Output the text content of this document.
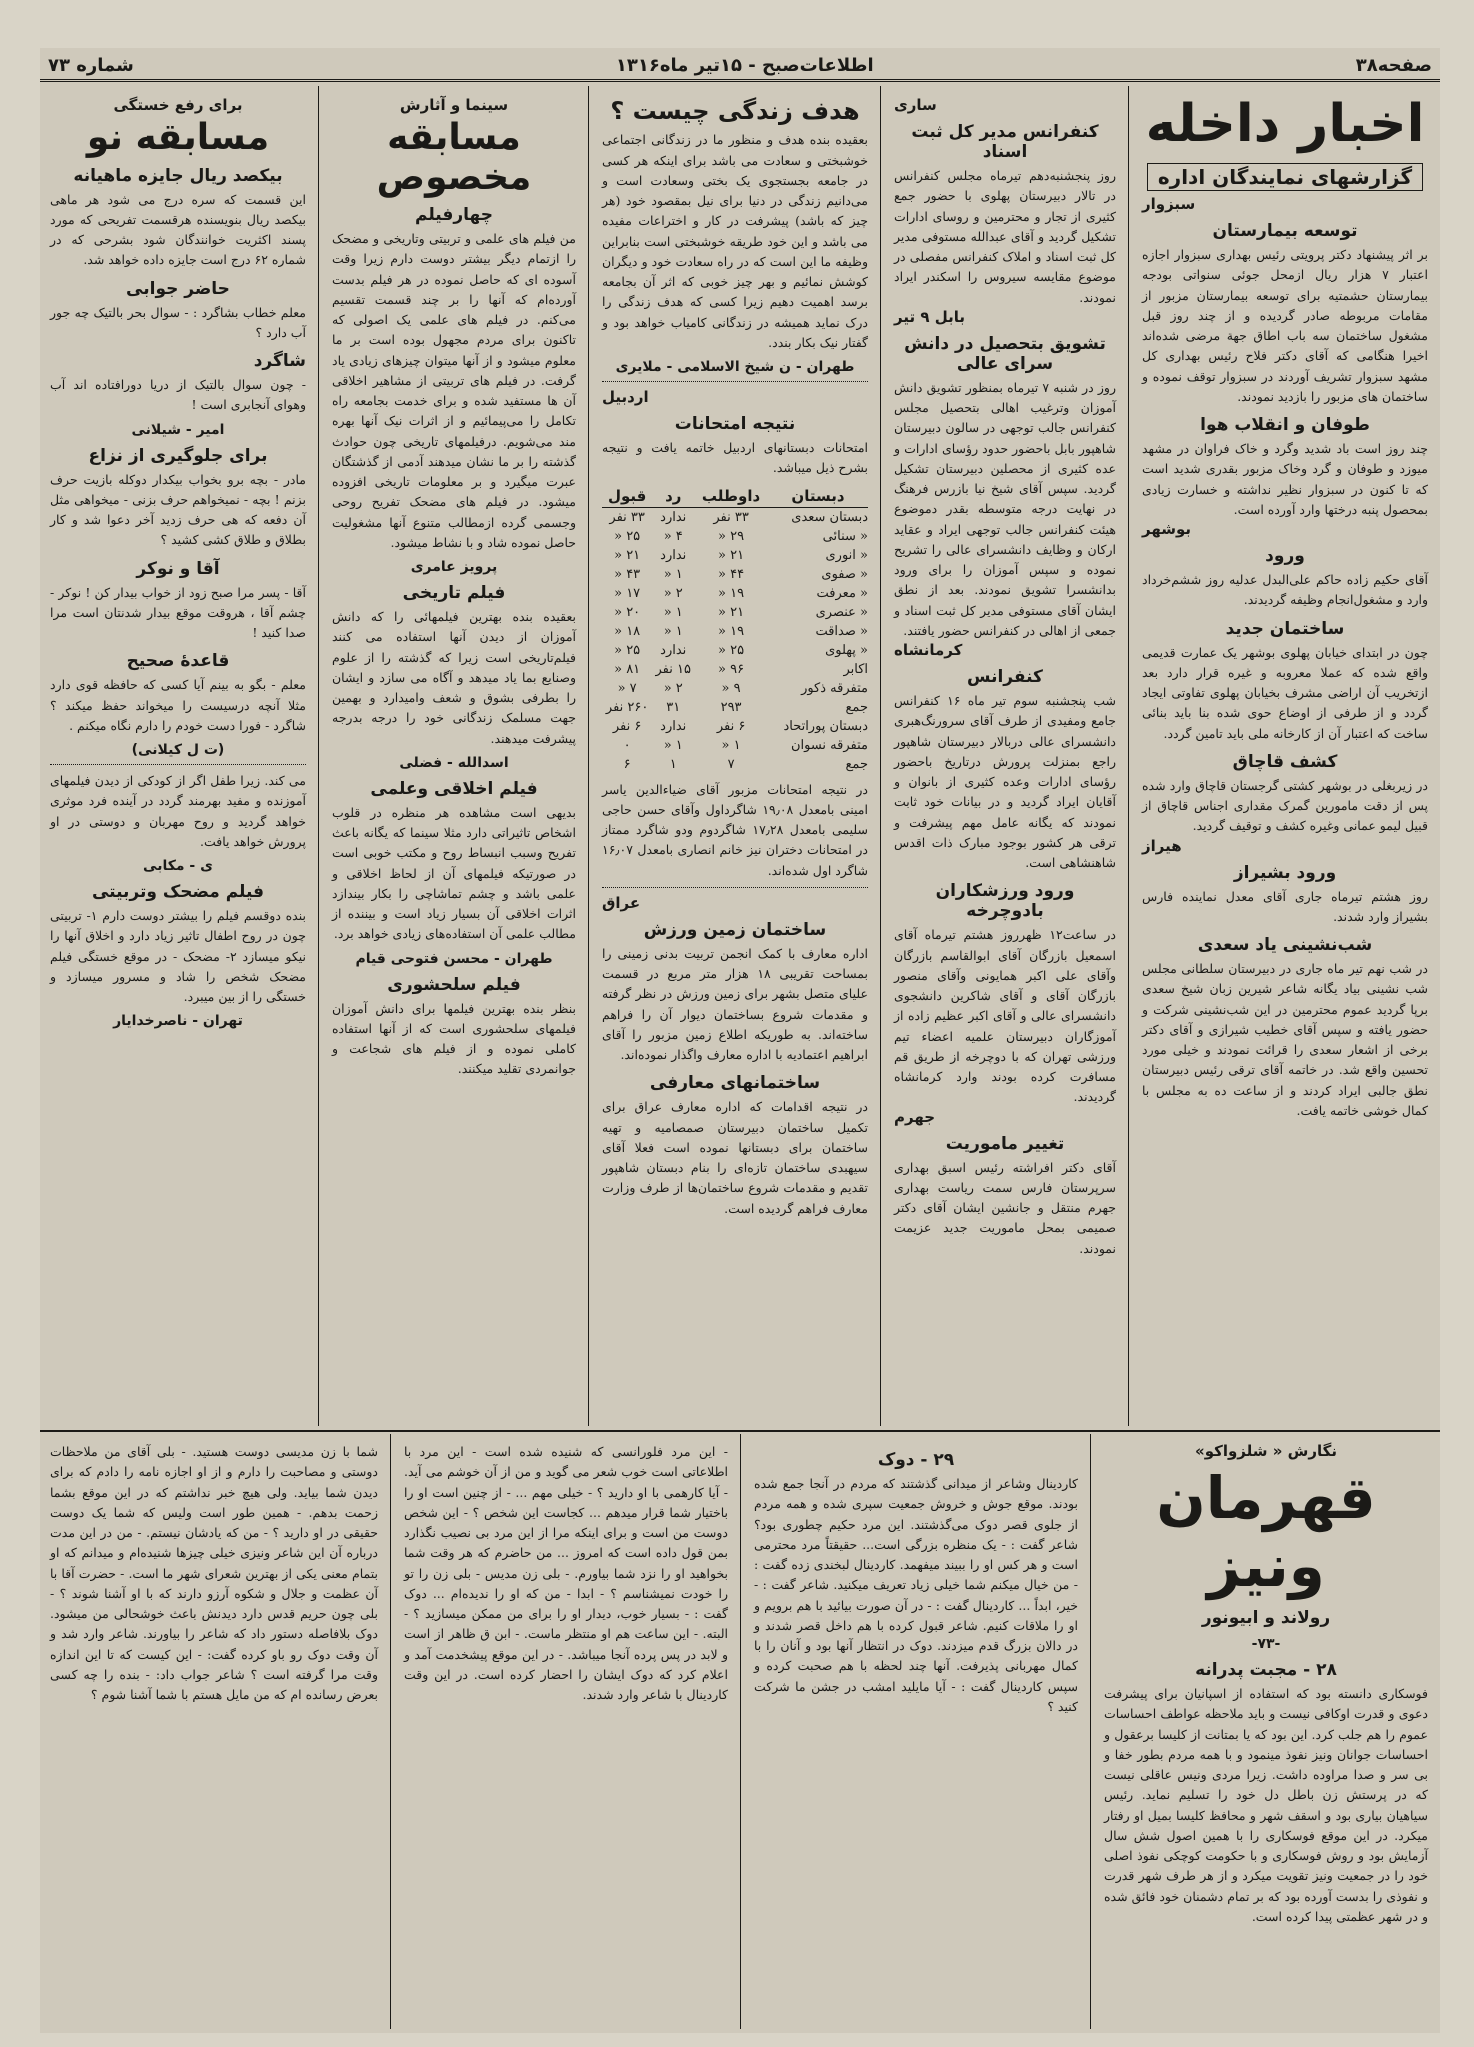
صفحه۳۸
اطلاعات‌صبح - ۱۵تیر ماه۱۳۱۶
شماره ۷۳
اخبار داخله
گزارشهای نمایندگان اداره
سبزوار
توسعه بیمارستان
بر اثر پیشنهاد دکتر پرویتی رئیس بهداری سبزوار اجازه اعتبار ۷ هزار ریال ازمحل جوئی سنواتی بودجه بیمارستان حشمتیه برای توسعه بیمارستان مزبور از مقامات مربوطه صادر گردیده و از چند روز قبل مشغول ساختمان سه باب اطاق جهة مرضی شده‌اند اخیرا هنگامی که آقای دکتر فلاح رئیس بهداری کل مشهد سبزوار تشریف آوردند در سبزوار توقف نموده و ساختمان های مزبور را بازدید نمودند.
طوفان و انقلاب هوا
چند روز است باد شدید وگرد و خاک فراوان در مشهد میوزد و طوفان و گرد وخاک مزبور بقدری شدید است که تا کنون در سبزوار نظیر نداشته و خسارت زیادی بمحصول پنبه درختها وارد آورده است.
بوشهر
ورود
آقای حکیم زاده حاکم علی‌البدل عدلیه روز ششم‌خرداد وارد و مشغول‌انجام وظیفه گردیدند.
ساختمان جدید
چون در ابتدای خیابان پهلوی بوشهر یک عمارت قدیمی واقع شده که عملا معروبه و غیره قرار دارد بعد ازتخریب آن اراضی مشرف بخیابان پهلوی تفاوتی ایجاد گردد و از طرفی از اوضاع حوی شده بنا باید بنائی ساخت که اعتبار آن از کارخانه ملی باید تامین گردد.
کشف قاچاق
در زیربغلی در بوشهر کشتی گرجستان قاچاق وارد شده پس از دقت مامورین گمرک مقداری اجناس قاچاق از قبیل لیمو عمانی وغیره کشف و توقیف گردید.
هیراز
ورود بشیراز
روز هشتم تیرماه جاری آقای معدل نماینده فارس بشیراز وارد شدند.
شب‌نشینی یاد سعدی
در شب نهم تیر ماه جاری در دبیرستان سلطانی مجلس شب نشینی بیاد یگانه شاعر شیرین زبان شیخ سعدی برپا گردید عموم محترمین در این شب‌نشینی شرکت و حضور یافته و سپس آقای خطیب شیرازی و آقای دکتر برخی از اشعار سعدی را قرائت نمودند و خیلی مورد تحسین واقع شد. در خاتمه آقای ترقی رئیس دبیرستان نطق جالبی ایراد کردند و از ساعت ده به مجلس با کمال خوشی خاتمه یافت.
ساری
کنفرانس مدیر کل ثبت اسناد
روز پنجشنبه‌دهم تیرماه مجلس کنفرانس در تالار دبیرستان پهلوی با حضور جمع کثیری از تجار و محترمین و روسای ادارات تشکیل گردید و آقای عبدالله مستوفی مدیر کل ثبت اسناد و املاک کنفرانس مفصلی در موضوع مقایسه سیروس را اسکندر ایراد نمودند.
بابل ۹ تیر
تشویق بتحصیل در دانش سرای عالی
روز در شنبه ۷ تیرماه بمنظور تشویق دانش آموزان وترغیب اهالی بتحصیل مجلس کنفرانس جالب توجهی در سالون دبیرستان شاهپور بابل باحضور حدود رؤسای ادارات و عده کثیری از محصلین دبیرستان تشکیل گردید. سپس آقای شیخ نیا بازرس فرهنگ در نهایت درجه متوسطه بقدر دموضوع هیئت کنفرانس جالب توجهی ایراد و عقاید ارکان و وظایف دانشسرای عالی را تشریح نموده و سپس آموزان را برای ورود بدانشسرا تشویق نمودند. بعد از نطق ایشان آقای مستوفی مدیر کل ثبت اسناد و جمعی از اهالی در کنفرانس حضور یافتند.
کرمانشاه
کنفرانس
شب پنجشنبه سوم تیر ماه ۱۶ کنفرانس جامع ومفیدی از طرف آقای سرورنگ‌هبری دانشسرای عالی دربالار دبیرستان شاهپور راجع‌ بمنزلت پرورش درتاریخ باحضور رؤسای ادارات وعده کثیری از بانوان و آقایان ایراد گردید و در بیانات خود ثابت نمودند که یگانه عامل مهم پیشرفت و ترقی هر کشور بوجود مبارک ذات اقدس شاهنشاهی است.
ورود ورزشکاران بادوچرخه
در ساعت۱۲ ظهرروز هشتم تیرماه آقای اسمعیل بازرگان آقای ابوالقاسم بازرگان وآقای علی اکبر همایونی وآقای منصور بازرگان آقای و آقای شاکرین دانشجوی دانشسرای عالی و آقای اکبر عظیم زاده از آموزگاران دبیرستان علمیه اعضاء تیم ورزشی تهران که با دوچرخه از طریق قم مسافرت کرده بودند وارد کرمانشاه گردیدند.
جهرم
تغییر ماموریت
آقای دکتر افراشته رئیس اسبق بهداری سرپرستان فارس سمت ریاست بهداری جهرم منتقل و جانشین ایشان آقای دکتر صمیمی بمحل ماموریت جدید عزیمت نمودند.
هدف زندگی چیست ؟
بعقیده بنده هدف و منظور ما در زندگانی اجتماعی خوشبختی و سعادت می باشد برای اینکه هر کسی در جامعه بجستجوی یک بختی وسعادت است و می‌دانیم زندگی در دنیا برای نیل بمقصود خود (هر چیز که باشد) پیشرفت در کار و اختراعات مفیده می باشد و این خود طریقه خوشبختی است بنابراین وظیفه ما این است که در راه سعادت خود و دیگران کوشش نمائیم و بهر چیز خوبی که اثر آن بجامعه برسد اهمیت دهیم زیرا کسی که هدف زندگی را درک نماید همیشه در زندگانی کامیاب خواهد بود و گفتار نیک بکار بندد.
طهران - ن شیخ الاسلامی - ملایری
اردبیل
نتیجه امتحانات
امتحانات دبستانهای اردبیل خاتمه یافت و نتیجه بشرح ذیل میباشد.
دبستان	داوطلب	رد	قبول
دبستان سعدی	۳۳ نفر	ندارد	۳۳ نفر
« سنائی	۲۹ «	۴ «	۲۵ «
« انوری	۲۱ «	ندارد	۲۱ «
« صفوی	۴۴ «	۱ «	۴۳ «
« معرفت	۱۹ «	۲ «	۱۷ «
« عنصری	۲۱ «	۱ «	۲۰ «
« صداقت	۱۹ «	۱ «	۱۸ «
« پهلوی	۲۵ «	ندارد	۲۵ «
اکابر	۹۶ «	۱۵ نفر	۸۱ «
متفرقه ذکور	۹ «	۲ «	۷ «
جمع	۲۹۳	۳۱	۲۶۰ نفر
دبستان پوراتحاد	۶ نفر	ندارد	۶ نفر
متفرقه نسوان	۱ «	۱ «	۰
جمع	۷	۱	۶
در نتیجه امتحانات مزبور آقای ضیاءالدین یاسر امینی بامعدل ۱۹٫۰۸ شاگرداول وآقای حسن حاجی سلیمی بامعدل ۱۷٫۲۸ شاگردوم ودو شاگرد ممتاز در امتحانات دختران نیز خانم انصاری بامعدل ۱۶٫۰۷ شاگرد اول شده‌اند.
عراق
ساختمان زمین ورزش
اداره معارف با کمک انجمن تربیت بدنی زمینی را بمساحت تقریبی ۱۸ هزار متر مربع در قسمت علیای متصل بشهر برای زمین ورزش در نظر گرفته و مقدمات شروع بساختمان دیوار آن را فراهم ساخته‌اند. به طوریکه اطلاع زمین مزبور را آقای ابراهیم اعتمادیه با اداره معارف واگذار نموده‌اند.
ساختمانهای معارفی
در نتیجه اقدامات که اداره معارف عراق برای تکمیل ساختمان دبیرستان صمصامیه و تهیه ساختمان برای دبستانها نموده است فعلا آقای سیهبدی ساختمان تازه‌ای را بنام دبستان شاهپور تقدیم و مقدمات شروع ساختمان‌ها از طرف وزارت معارف فراهم گردیده است.
سینما و آثارش
مسابقه مخصوص
چهارفیلم
من فیلم های علمی و تربیتی وتاریخی و مضحک را ازتمام دیگر بیشتر دوست دارم زیرا وقت آسوده ای که حاصل نموده در هر فیلم بدست آورده‌ام که آنها را بر چند قسمت تقسیم می‌کنم. در فیلم های علمی یک اصولی که تاکنون برای مردم مجهول بوده است بر ما معلوم میشود و از آنها میتوان چیزهای زیادی یاد گرفت. در فیلم های تربیتی از مشاهیر اخلاقی آن ها مستفید شده و برای خدمت بجامعه راه تکامل را می‌پیمائیم و از اثرات نیک آنها بهره مند می‌شویم. درفیلمهای تاریخی چون حوادث گذشته را بر ما نشان میدهند آدمی از گذشتگان عبرت میگیرد و بر معلومات تاریخی افزوده میشود. در فیلم های مضحک تفریح روحی وجسمی گرده ازمطالب متنوع آنها مشغولیت حاصل نموده شاد و با نشاط میشود.
پرویز عامری
فیلم تاریخی
بعقیده بنده بهترین فیلمهائی را که دانش آموزان از دیدن آنها استفاده می کنند فیلم‌تاریخی است زیرا که گذشته را از علوم وصنایع بما یاد میدهد و آگاه می سازد و ایشان را بطرفی بشوق و شعف وامیدارد و بهمین جهت مسلمک زندگانی خود را درجه بدرجه پیشرفت میدهند.
اسدالله - فضلی
فیلم اخلاقی وعلمی
بدیهی است مشاهده هر منظره در قلوب اشخاص تاثیراتی دارد مثلا سینما که یگانه باعث تفریح وسبب انبساط روح و مکتب خوبی است در صورتیکه فیلمهای آن از لحاظ اخلاقی و علمی باشد و چشم تماشاچی را بکار بیندازد اثرات اخلاقی آن بسیار زیاد است و بیننده از مطالب علمی آن استفاده‌های زیادی خواهد برد.
طهران - محسن فتوحی قیام
فیلم سلحشوری
بنظر بنده بهترین فیلمها برای دانش آموزان فیلمهای سلحشوری است که از آنها استفاده کاملی نموده و از فیلم های شجاعت و جوانمردی تقلید میکنند.
برای رفع خستگی
مسابقه نو
بیکصد ریال جایزه ماهیانه
این قسمت که سره درج می شود هر ماهی بیکصد ریال بنویسنده هرقسمت تفریحی که مورد پسند اکثریت خوانندگان شود بشرحی که در شماره ۶۲ درج است جایزه داده خواهد شد.
حاضر جوابی
معلم خطاب بشاگرد : - سوال بحر بالتیک چه جور آب دارد ؟
شاگرد
- چون سوال بالتیک از دریا دورافتاده اند آب وهوای آنجابری است !
امیر - شیلانی
برای جلوگیری از نزاع
مادر - بچه برو بخواب بیکدار دوکله بازیت حرف بزنم ! بچه - نمیخواهم حرف بزنی - میخواهی مثل آن دفعه که هی حرف زدید آخر دعوا شد و کار بطلاق و طلاق کشی کشید ؟
آقا و نوکر
آقا - پسر مرا صبح زود از خواب بیدار کن ! نوکر - چشم آقا ، هروقت موقع بیدار شدنتان است مرا صدا کنید !
قاعدهٔ صحیح
معلم - بگو به بینم آیا کسی که حافظه قوی دارد مثلا آنچه درسیست را میخواند حفظ میکند ؟ شاگرد - فورا دست خودم را دارم نگاه میکنم .
(ت ل کیلانی)
می کند. زیرا طفل اگر از کودکی از دیدن فیلمهای آموزنده و مفید بهرمند گردد در آینده فرد موثری خواهد گردید و روح مهربان و دوستی در او پرورش خواهد یافت.
ی - مکابی
فیلم مضحک وتربیتی
بنده دوقسم فیلم را بیشتر دوست دارم ۱- تربیتی چون در روح اطفال تاثیر زیاد دارد و اخلاق آنها را نیکو میسازد ۲- مضحک - در موقع خستگی فیلم مضحک شخص را شاد و مسرور میسازد و خستگی را از بین میبرد.
تهران - ناصرخدایار
نگارش « شلزواکو»
قهرمان ونیز
رولاند و ابیونور
-۷۳-
۲۸ - مجبت پدرانه
فوسکاری دانسته بود که استفاده از اسپانیان برای پیشرفت دعوی و قدرت اوکافی نیست و باید ملاحظه عواطف احساسات عموم را هم جلب کرد. این بود که یا بمتانت از کلیسا برعقول و احساسات جوانان ونیز نفوذ مینمود و با همه مردم بطور خفا و بی سر و صدا مراوده داشت. زیرا مردی ونیس عاقلی نیست که در پرستش زن باطل دل خود را تسلیم نماید. رئیس سیاهیان بیاری بود و اسقف شهر و محافظ کلیسا بمیل او رفتار میکرد. در این موقع فوسکاری را با همین اصول شش سال آزمایش بود و روش فوسکاری و با حکومت کوچکی نفوذ اصلی خود را در جمعیت ونیز تقویت میکرد و از هر طرف شهر قدرت و نفوذی را بدست آورده بود که بر تمام دشمنان خود فائق شده و در شهر عظمتی پیدا کرده است.
۲۹ - دوک
کاردینال وشاعر از میدانی گذشتند که مردم در آنجا جمع شده بودند. موقع جوش و خروش جمعیت سپری شده و همه مردم از جلوی قصر دوک می‌گذشتند. این مرد حکیم چطوری بود؟ شاعر گفت : - یک منظره بزرگی است... حقیقتاً مرد محترمی است و هر کس او را ببیند میفهمد. کاردینال لبخندی زده گفت : - من خیال میکنم شما خیلی زیاد تعریف میکنید. شاعر گفت : - خیر، ابداً ... کاردینال گفت : - در آن صورت بیائید با هم برویم و او را ملاقات کنیم. شاعر قبول کرده با هم داخل قصر شدند و در دالان بزرگ قدم میزدند. دوک در انتظار آنها بود و آنان را با کمال مهربانی پذیرفت. آنها چند لحظه با هم صحبت کرده و سپس کاردینال گفت : - آیا مایلید امشب در جشن ما شرکت کنید ؟
- این مرد فلورانسی که شنیده شده است - این مرد با اطلاعاتی است خوب شعر می گوید و من از آن خوشم می آید. - آیا کارهمی با او دارید ؟ - خیلی مهم ... - از چنین است او را باختیار شما قرار میدهم ... کجاست این شخص ؟ - این شخص دوست من است و برای اینکه مرا از این مرد بی نصیب نگذارد بمن قول داده است که امروز ... من حاضرم که هر وقت شما بخواهید او را نزد شما بیاورم. - بلی زن مدیس - بلی زن را تو را خودت نمیشناسم ؟ - ابدا - من که او را ندیده‌ام ... دوک گفت : - بسیار خوب، دیدار او را برای من ممکن میسازید ؟ - البته. - این ساعت هم او منتظر ماست. - ابن ق ظاهر از است و لابد در پس پرده آنجا میباشد. - در این موقع پیشخدمت آمد و اعلام کرد که دوک ایشان را احضار کرده است. در این وقت کاردینال با شاعر وارد شدند.
شما با زن مدیسی دوست هستید. - بلی آقای من ملاحظات دوستی و مصاحبت را دارم و از او اجازه نامه را دادم که برای دیدن شما بیاید. ولی هیچ خبر نداشتم که در این موقع بشما زحمت بدهم. - همین طور است ولیس که شما یک دوست حقیقی در او دارید ؟ - من که یادشان نیستم. - من در این مدت درباره آن این شاعر ونیزی خیلی چیزها شنیده‌ام و میدانم که او بتمام معنی یکی از بهترین شعرای شهر ما است. - حضرت آقا با آن عظمت و جلال و شکوه آرزو دارند که با او آشنا شوند ؟ - بلی چون حریم قدس دارد دیدنش باعث خوشحالی من میشود. دوک بلافاصله دستور داد که شاعر را بیاورند. شاعر وارد شد و آن وقت دوک رو باو کرده گفت: - این کیست که تا این اندازه وقت مرا گرفته است ؟ شاعر جواب داد: - بنده را چه کسی بعرض رسانده ام که من مایل هستم با شما آشنا شوم ؟
